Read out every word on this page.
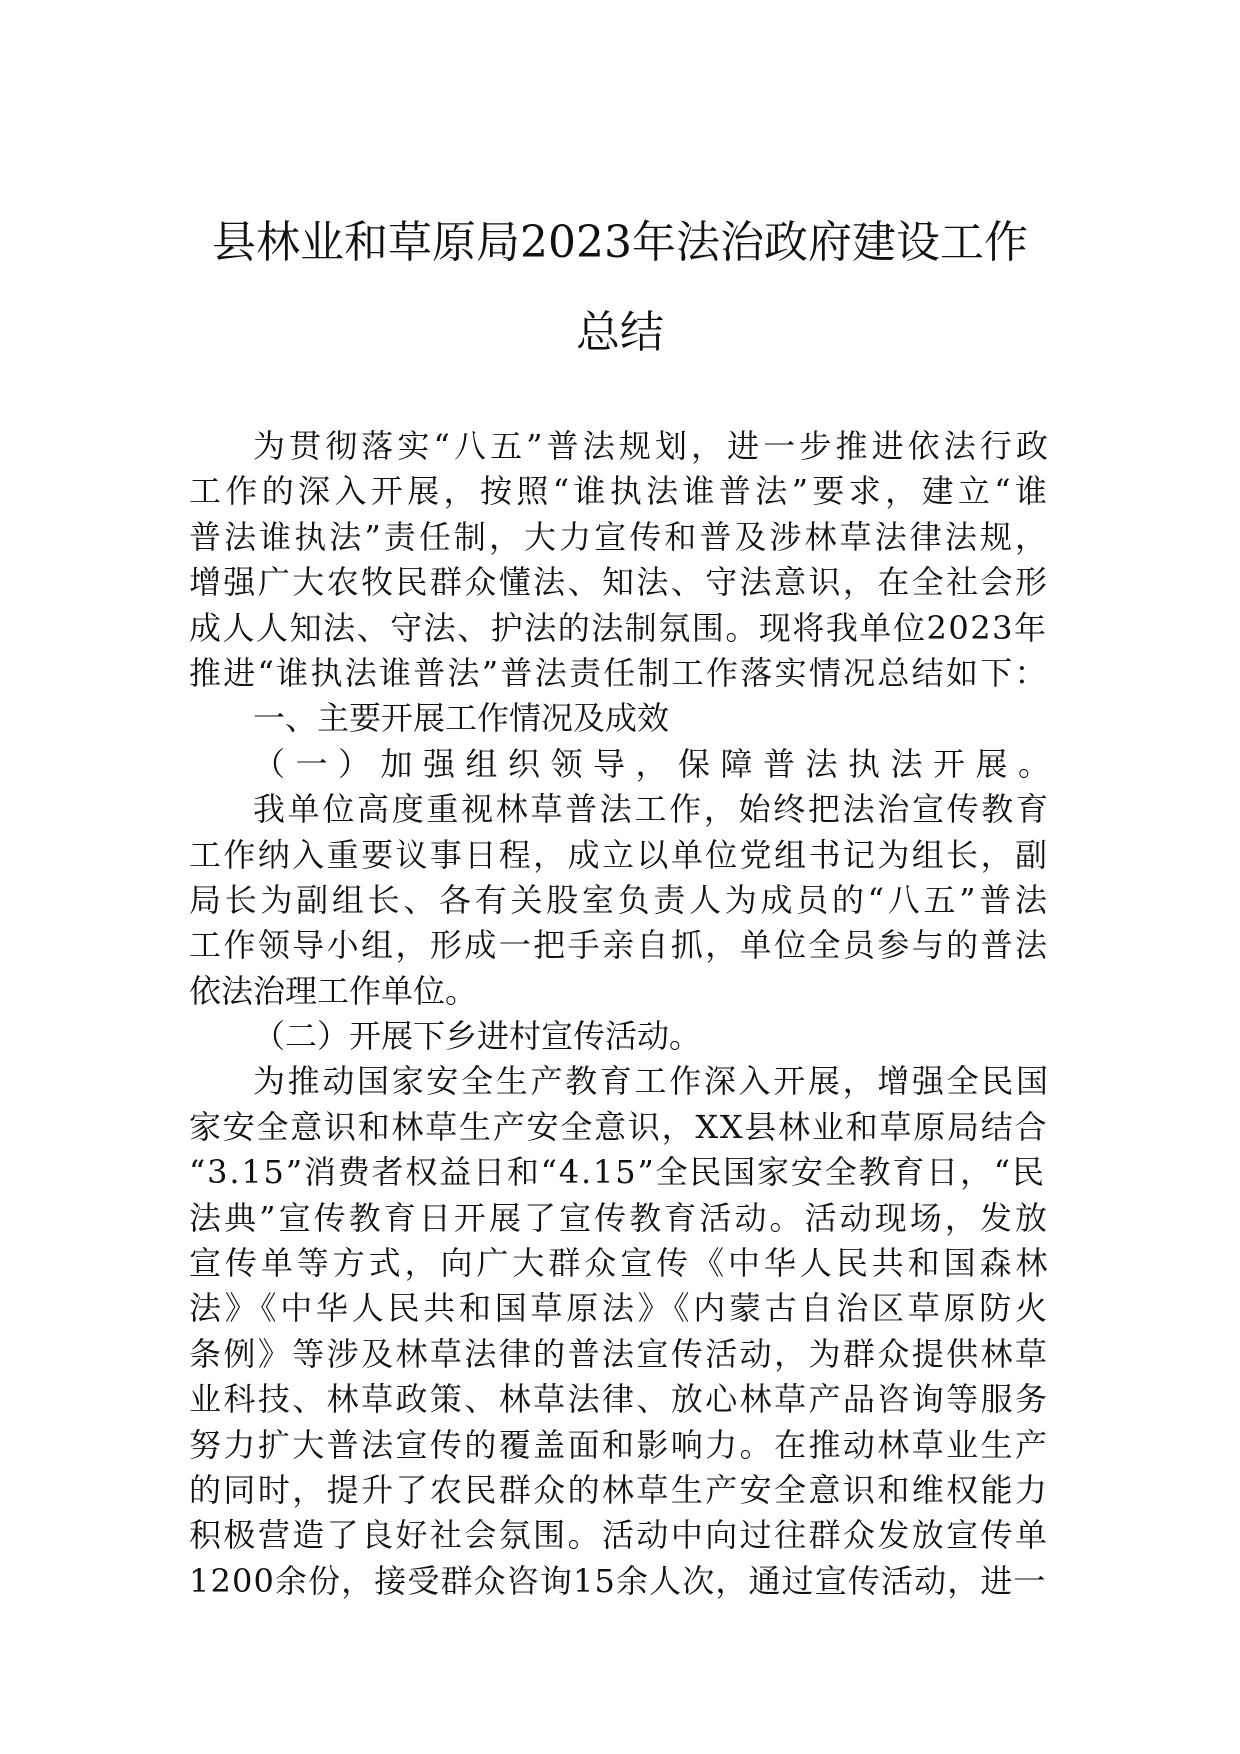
县林业和草原局2023年法治政府建设工作
总结
为贯彻落实“八五”普法规划，进一步推进依法行政
工作的深入开展，按照“谁执法谁普法”要求，建立“谁
普法谁执法”责任制，大力宣传和普及涉林草法律法规，
增强广大农牧民群众懂法、知法、守法意识，在全社会形
成人人知法、守法、护法的法制氛围。现将我单位2023年
推进“谁执法谁普法”普法责任制工作落实情况总结如下：
一、主要开展工作情况及成效
（一）加强组织领导，保障普法执法开展。
我单位高度重视林草普法工作，始终把法治宣传教育
工作纳入重要议事日程，成立以单位党组书记为组长，副
局长为副组长、各有关股室负责人为成员的“八五”普法
工作领导小组，形成一把手亲自抓，单位全员参与的普法
依法治理工作单位。
（二）开展下乡进村宣传活动。
为推动国家安全生产教育工作深入开展，增强全民国
家安全意识和林草生产安全意识，XX县林业和草原局结合
“3.15”消费者权益日和“4.15”全民国家安全教育日，“民
法典”宣传教育日开展了宣传教育活动。活动现场，发放
宣传单等方式，向广大群众宣传《中华人民共和国森林
法》《中华人民共和国草原法》《内蒙古自治区草原防火
条例》等涉及林草法律的普法宣传活动，为群众提供林草
业科技、林草政策、林草法律、放心林草产品咨询等服务
努力扩大普法宣传的覆盖面和影响力。在推动林草业生产
的同时，提升了农民群众的林草生产安全意识和维权能力
积极营造了良好社会氛围。活动中向过往群众发放宣传单
1200余份，接受群众咨询15余人次，通过宣传活动，进一
